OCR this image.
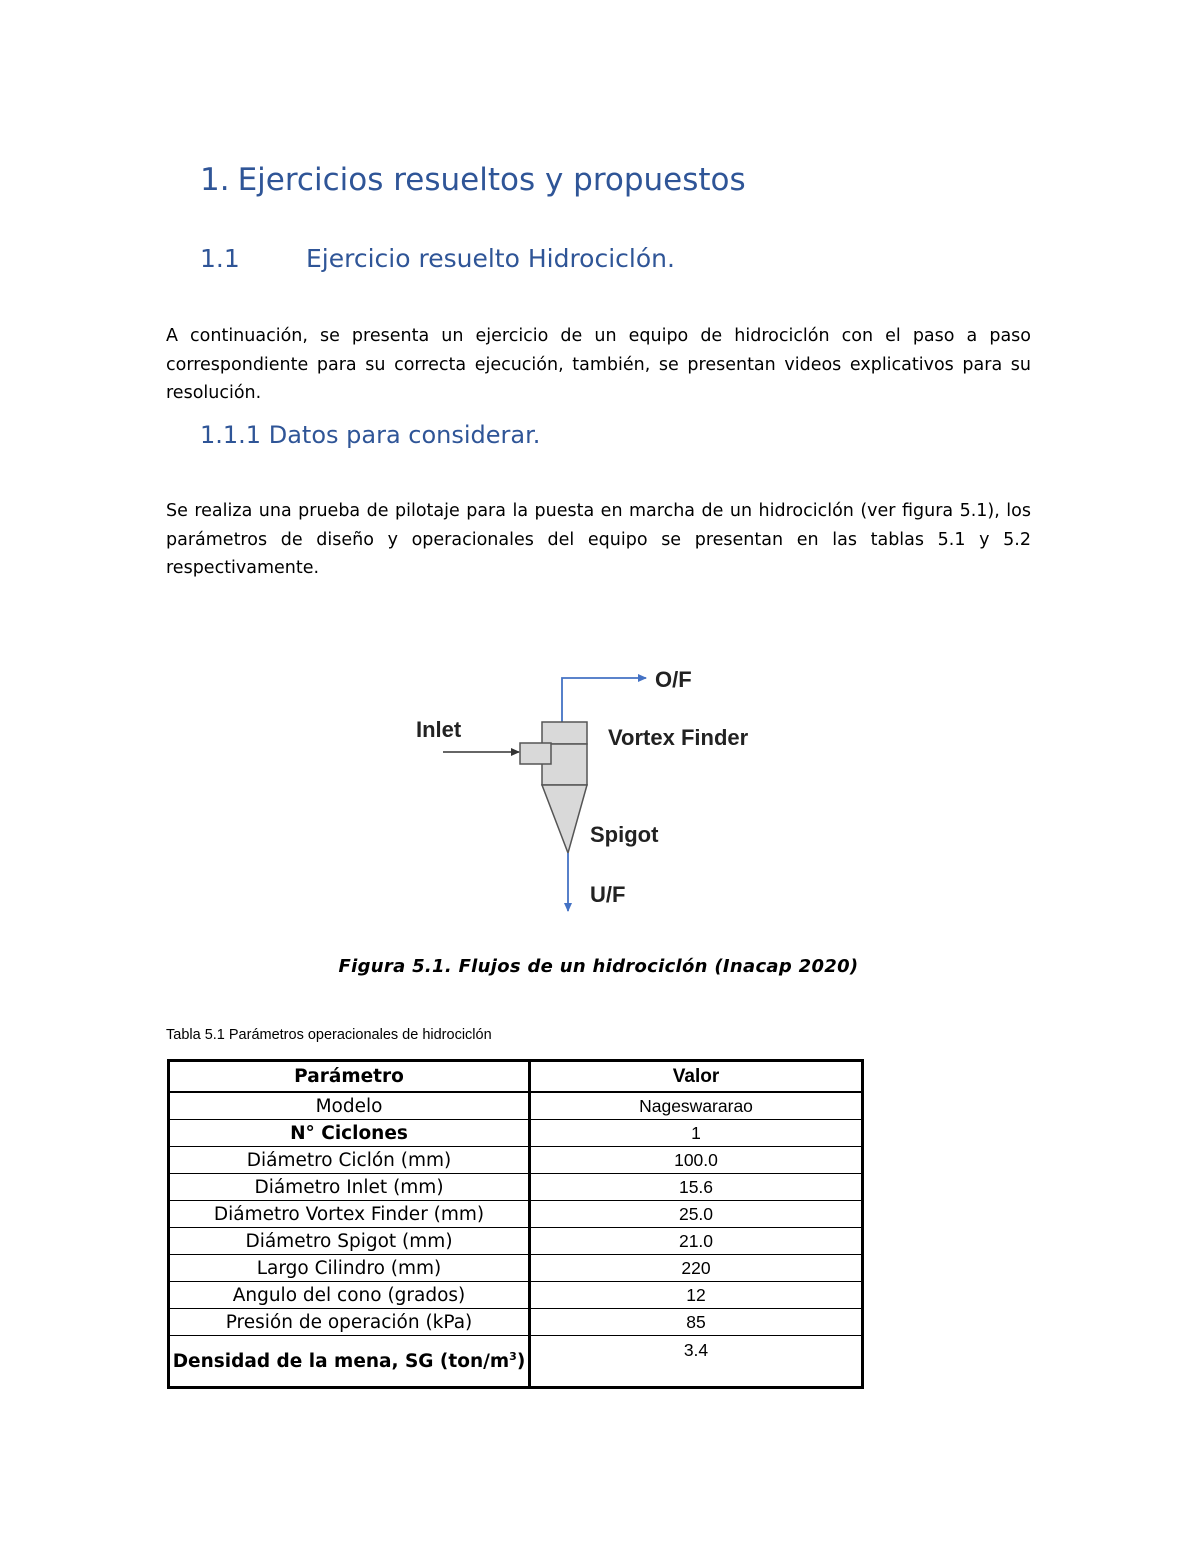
1. Ejercicios resueltos y propuestos
1.1	Ejercicio resuelto Hidrociclón.

A continuación, se presenta un ejercicio de un equipo de hidrociclón con el paso a paso correspondiente para su correcta ejecución, también, se presentan videos explicativos para su resolución.

1.1.1 Datos para considerar.

Se realiza una prueba de pilotaje para la puesta en marcha de un hidrociclón (ver figura 5.1), los parámetros de diseño y operacionales del equipo se presentan en las tablas 5.1 y 5.2 respectivamente.

O/F
Inlet	Vortex Finder
Spigot
U/F
Figura 5.1. Flujos de un hidrociclón (Inacap 2020)
Tabla 5.1 Parámetros operacionales de hidrociclón
Parámetro	Valor
Modelo	Nageswararao
N° Ciclones	1
Diámetro Ciclón (mm)	100.0
Diámetro Inlet (mm)	15.6
Diámetro Vortex Finder (mm)	25.0
Diámetro Spigot (mm)	21.0
Largo Cilindro (mm)	220
Angulo del cono (grados)	12
Presión de operación (kPa)	85
Densidad de la mena, SG $(ton/m^3)$	3.4
